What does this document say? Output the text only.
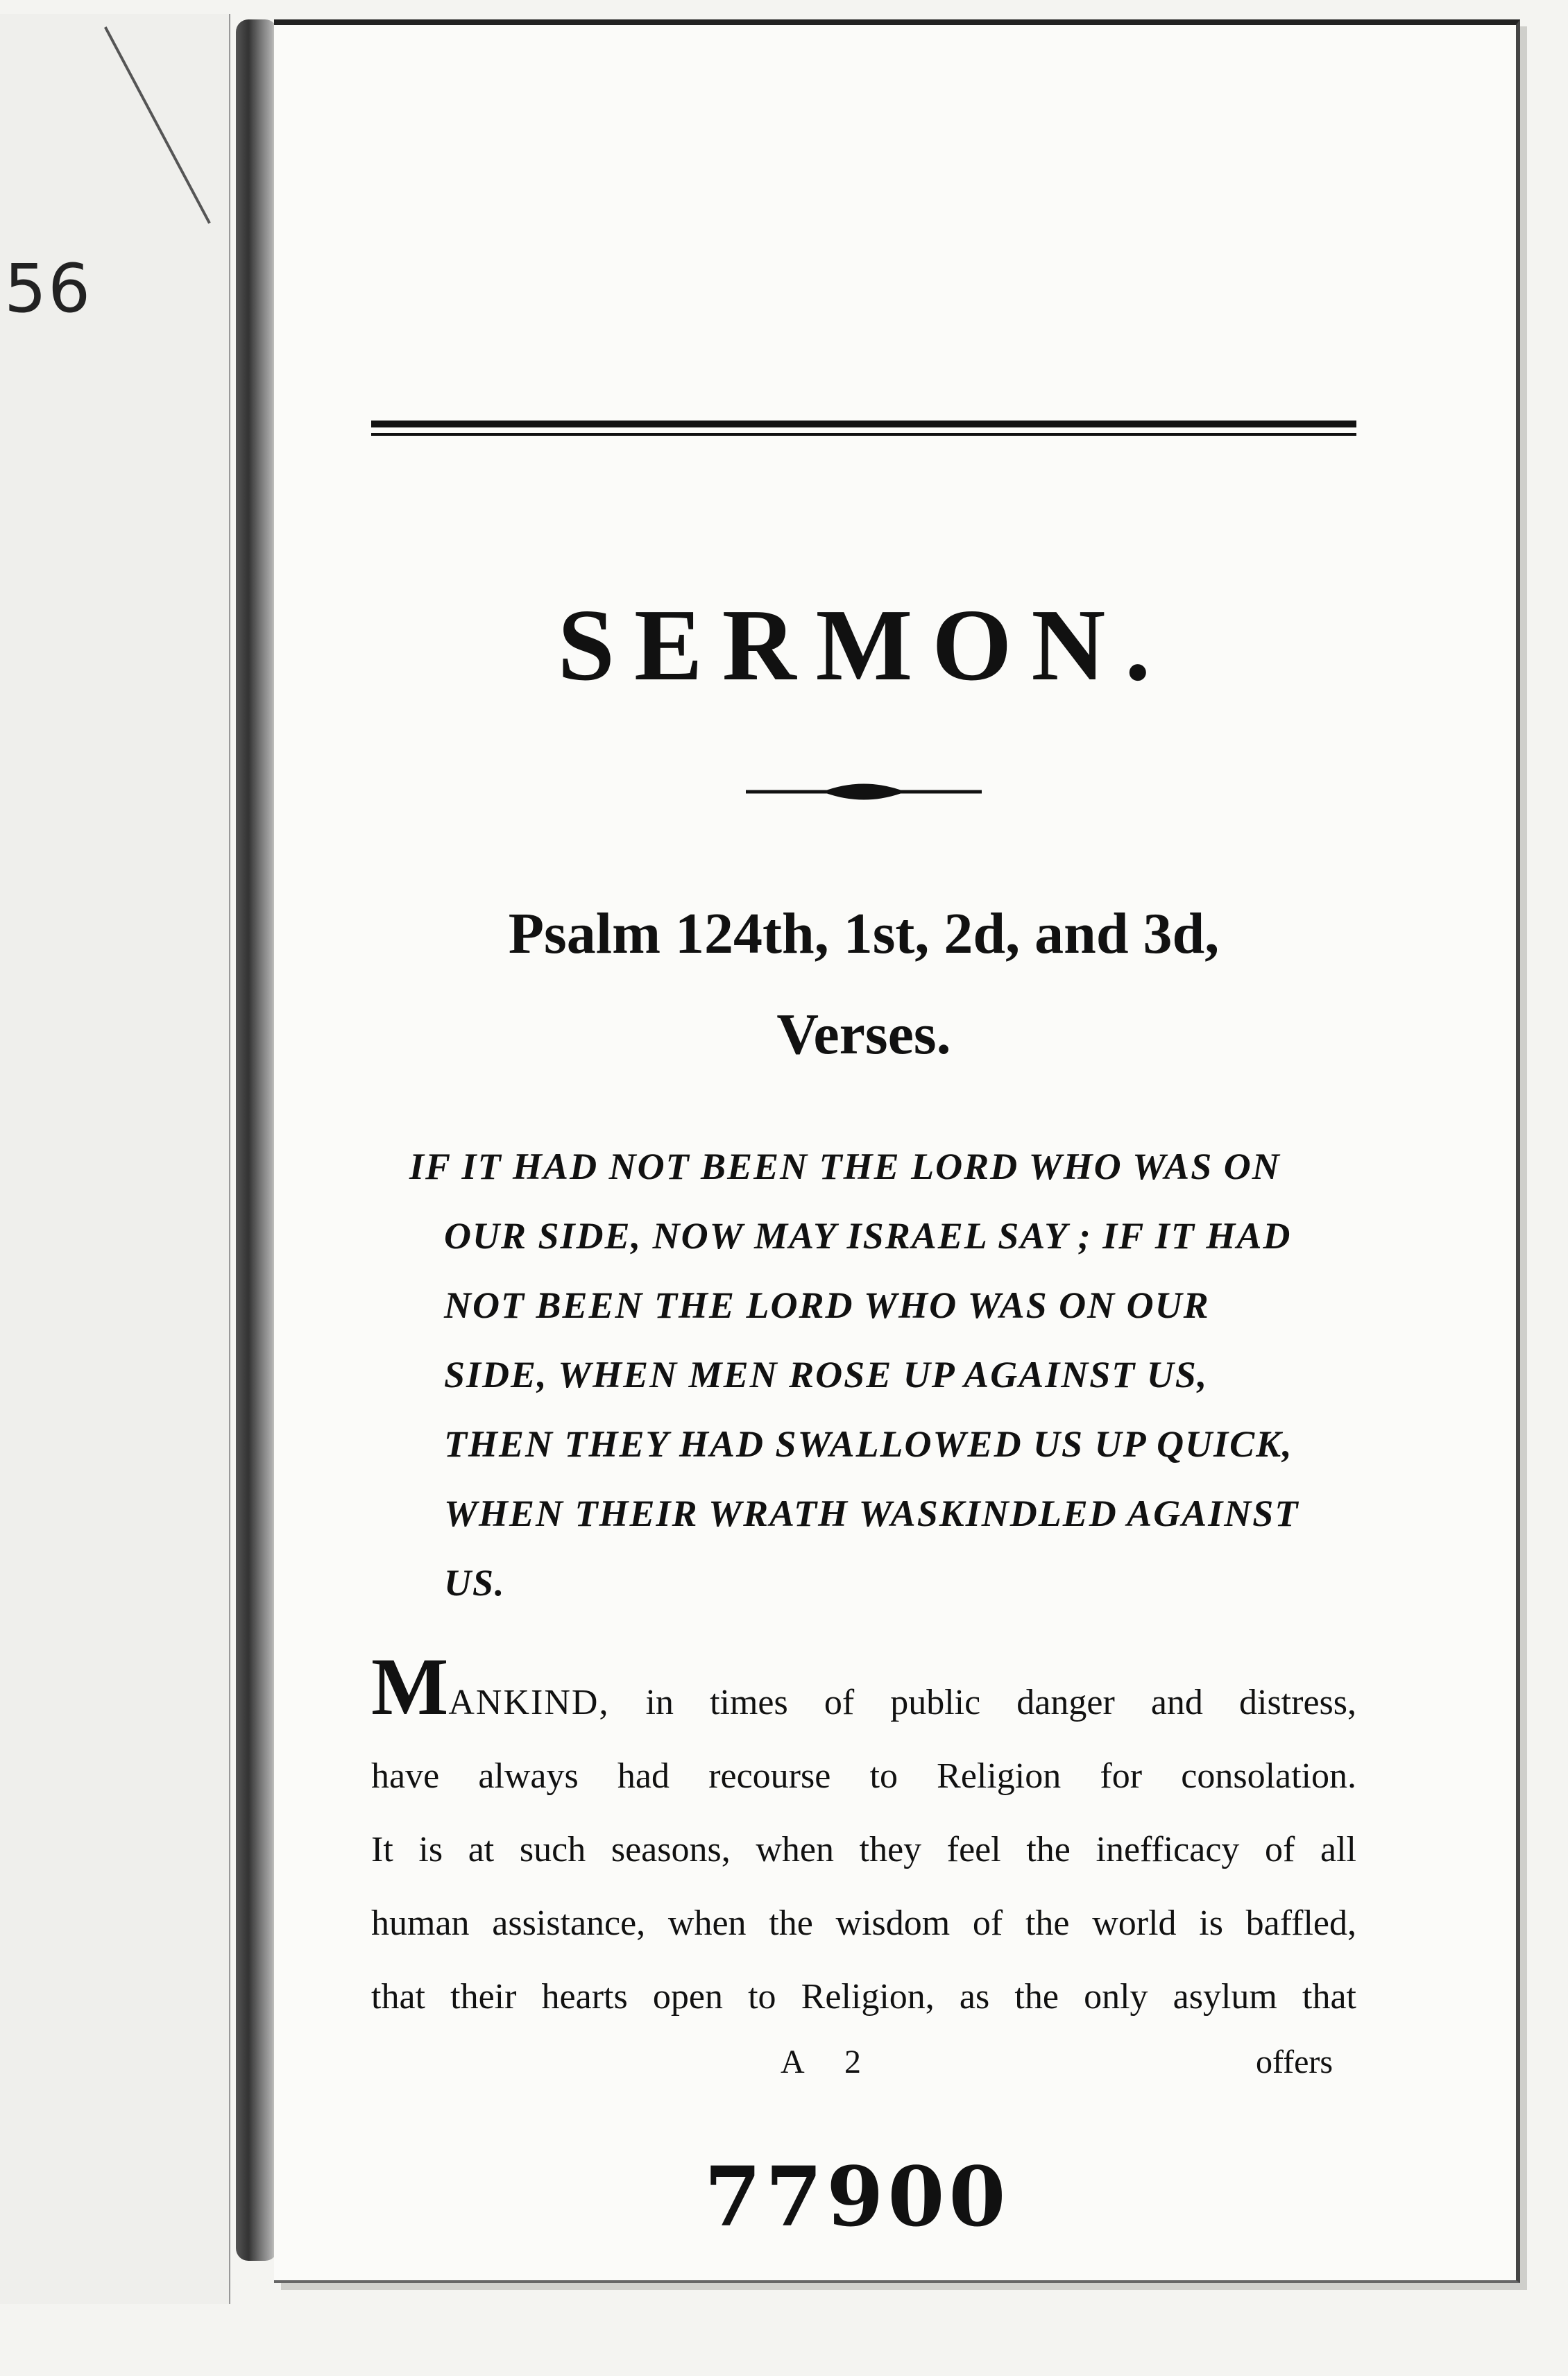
56
SERMON.
Psalm 124th, 1st, 2d, and 3d,
Verses.
IF IT HAD NOT BEEN THE LORD WHO WAS ON
OUR SIDE, NOW MAY ISRAEL SAY ; IF IT HAD
NOT BEEN THE LORD WHO WAS ON OUR
SIDE, WHEN MEN ROSE UP AGAINST US,
THEN THEY HAD SWALLOWED US UP QUICK,
WHEN THEIR WRATH WASKINDLED AGAINST
US.
MANKIND, in times of public danger and distress,
have always had recourse to Religion for consolation.
It is at such seasons, when they feel the inefficacy of all
human assistance, when the wisdom of the world is baffled,
that their hearts open to Religion, as the only asylum that
A 2	offers
77900
